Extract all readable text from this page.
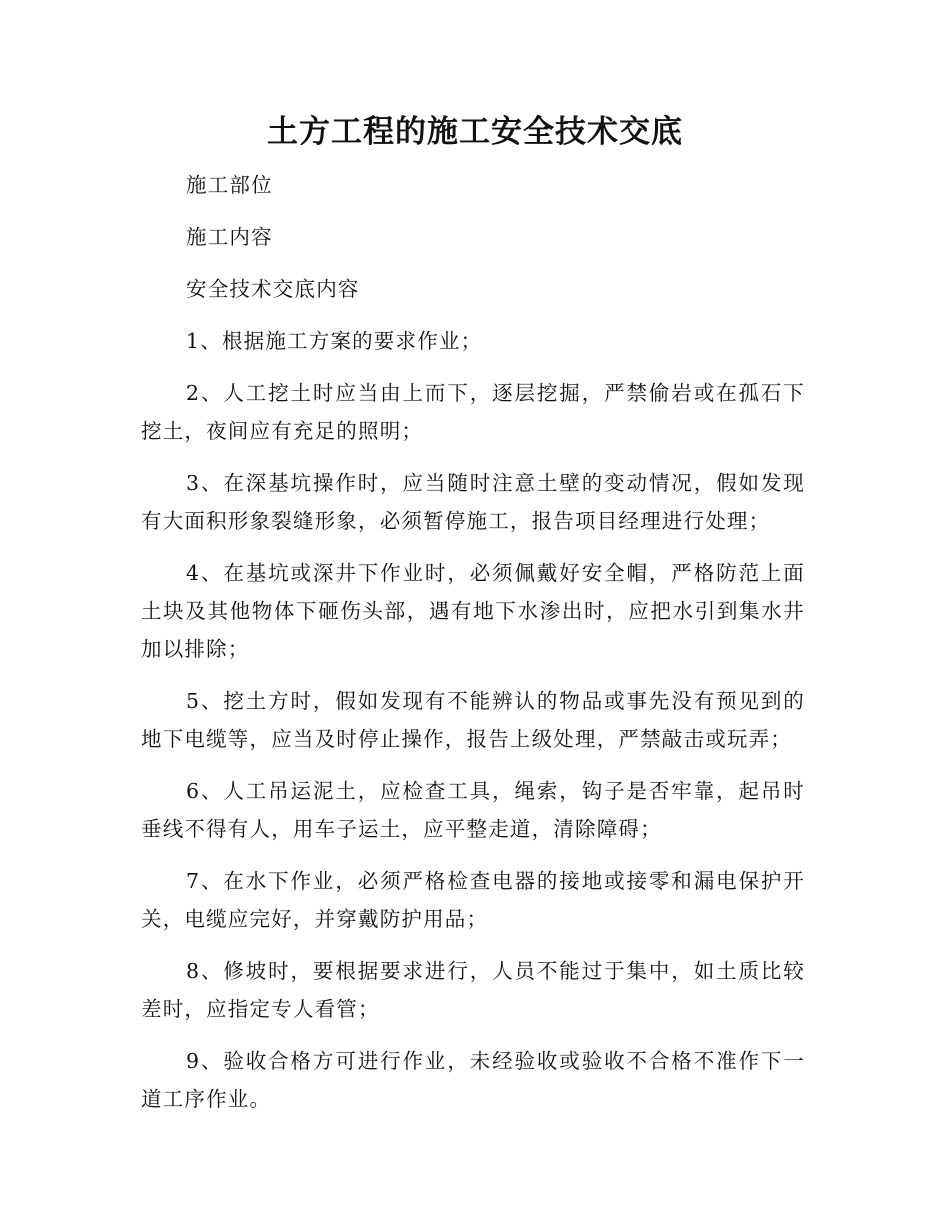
土方工程的施工安全技术交底

施工部位

施工内容

安全技术交底内容

1、根据施工方案的要求作业；

2、人工挖土时应当由上而下，逐层挖掘，严禁偷岩或在孤石下挖土，夜间应有充足的照明；

3、在深基坑操作时，应当随时注意土壁的变动情况，假如发现有大面积形象裂缝形象，必须暂停施工，报告项目经理进行处理；

4、在基坑或深井下作业时，必须佩戴好安全帽，严格防范上面土块及其他物体下砸伤头部，遇有地下水渗出时，应把水引到集水井加以排除；

5、挖土方时，假如发现有不能辨认的物品或事先没有预见到的地下电缆等，应当及时停止操作，报告上级处理，严禁敲击或玩弄；

6、人工吊运泥土，应检查工具，绳索，钩子是否牢靠，起吊时垂线不得有人，用车子运土，应平整走道，清除障碍；

7、在水下作业，必须严格检查电器的接地或接零和漏电保护开关，电缆应完好，并穿戴防护用品；

8、修坡时，要根据要求进行，人员不能过于集中，如土质比较差时，应指定专人看管；

9、验收合格方可进行作业，未经验收或验收不合格不准作下一道工序作业。
